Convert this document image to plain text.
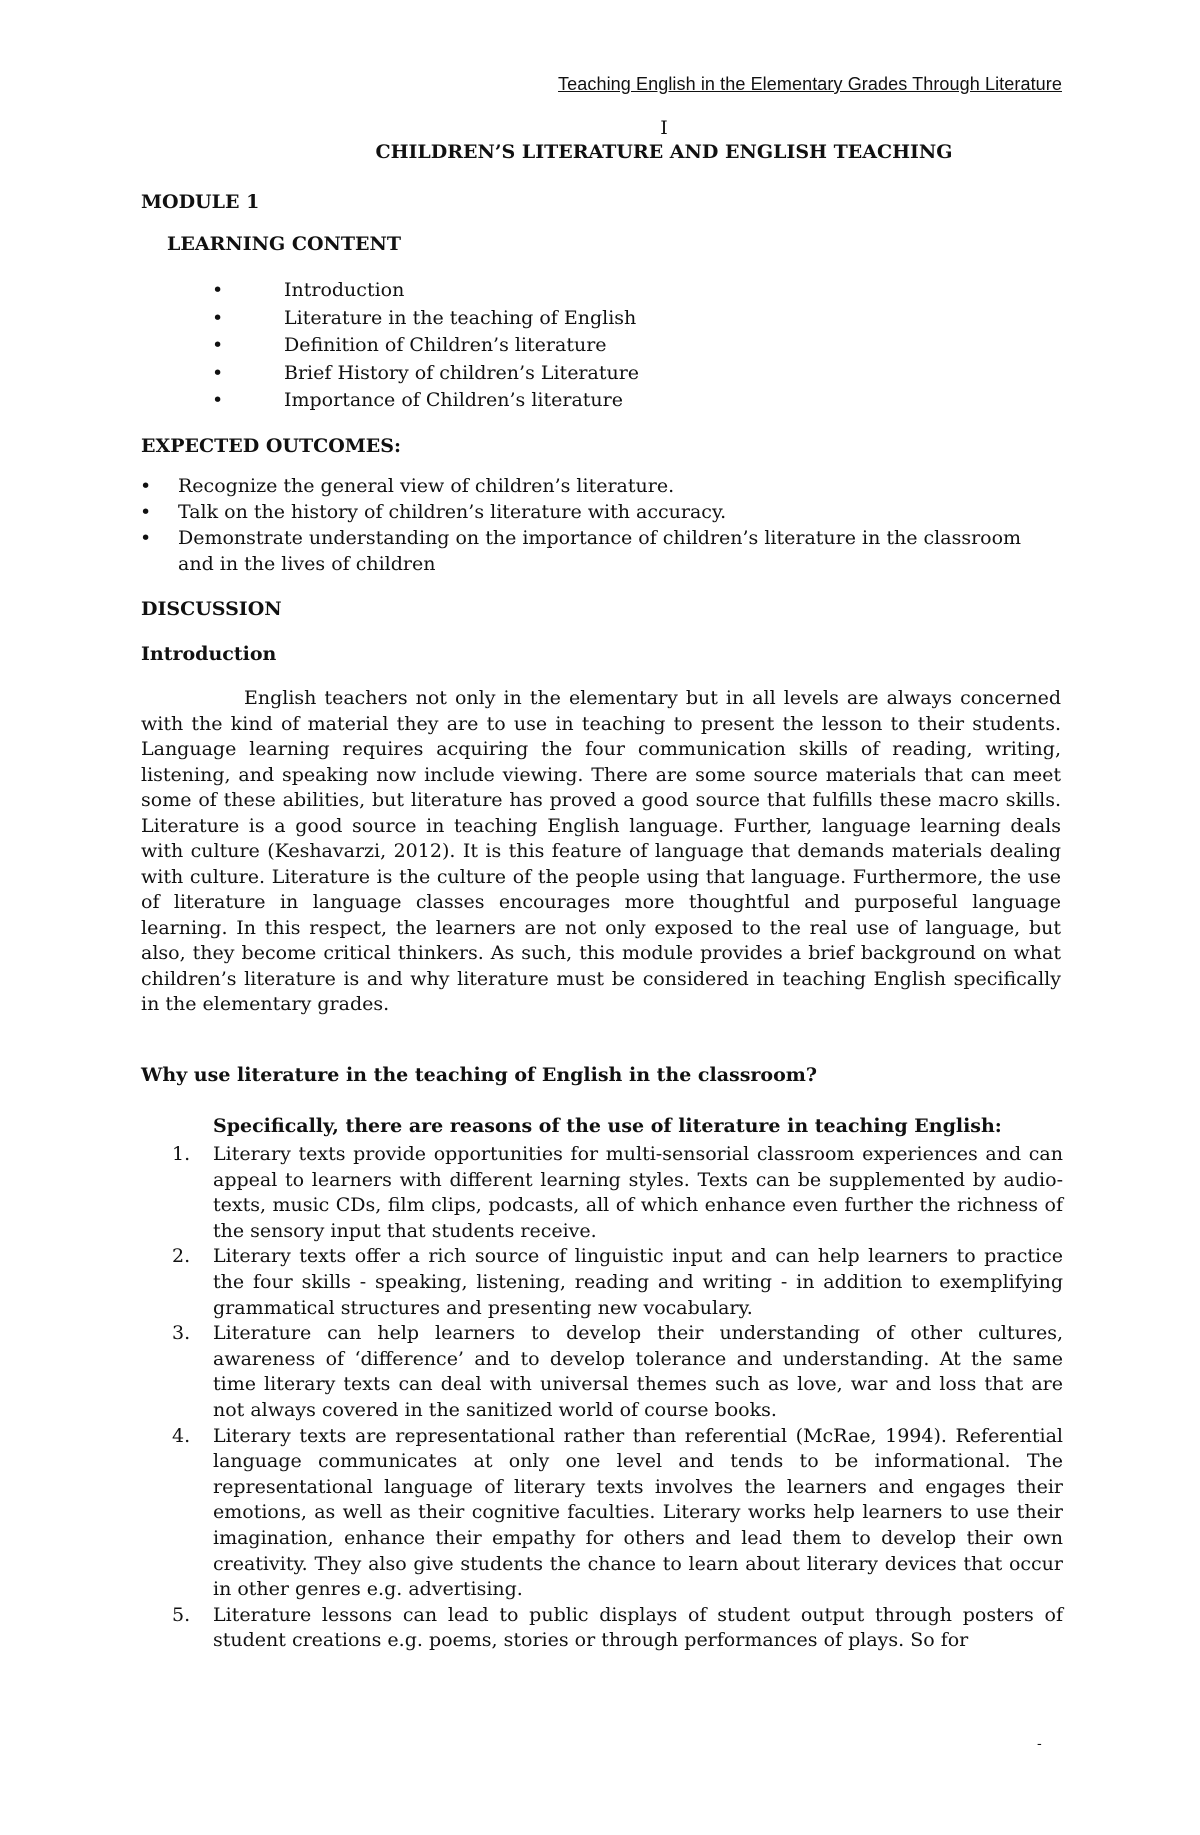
Teaching English in the Elementary Grades Through Literature
I
CHILDREN’S LITERATURE AND ENGLISH TEACHING
MODULE 1
LEARNING CONTENT
• Introduction
• Literature in the teaching of English
• Definition of Children’s literature
• Brief History of children’s Literature
• Importance of Children’s literature
EXPECTED OUTCOMES:
• Recognize the general view of children’s literature.
• Talk on the history of children’s literature with accuracy.
• Demonstrate understanding on the importance of children’s literature in the classroom and in the lives of children
DISCUSSION
Introduction

English teachers not only in the elementary but in all levels are always concerned with the kind of material they are to use in teaching to present the lesson to their students. Language learning requires acquiring the four communication skills of reading, writing, listening, and speaking now include viewing. There are some source materials that can meet some of these abilities, but literature has proved a good source that fulfills these macro skills. Literature is a good source in teaching English language. Further, language learning deals with culture (Keshavarzi, 2012). It is this feature of language that demands materials dealing with culture. Literature is the culture of the people using that language. Furthermore, the use of literature in language classes encourages more thoughtful and purposeful language learning. In this respect, the learners are not only exposed to the real use of language, but also, they become critical thinkers. As such, this module provides a brief background on what children’s literature is and why literature must be considered in teaching English specifically in the elementary grades.

Why use literature in the teaching of English in the classroom?
Specifically, there are reasons of the use of literature in teaching English:
1. Literary texts provide opportunities for multi-sensorial classroom experiences and can appeal to learners with different learning styles. Texts can be supplemented by audio-texts, music CDs, film clips, podcasts, all of which enhance even further the richness of the sensory input that students receive.
2. Literary texts offer a rich source of linguistic input and can help learners to practice the four skills - speaking, listening, reading and writing - in addition to exemplifying grammatical structures and presenting new vocabulary.
3. Literature can help learners to develop their understanding of other cultures, awareness of ‘difference’ and to develop tolerance and understanding. At the same time literary texts can deal with universal themes such as love, war and loss that are not always covered in the sanitized world of course books.
4. Literary texts are representational rather than referential (McRae, 1994). Referential language communicates at only one level and tends to be informational. The representational language of literary texts involves the learners and engages their emotions, as well as their cognitive faculties. Literary works help learners to use their imagination, enhance their empathy for others and lead them to develop their own creativity. They also give students the chance to learn about literary devices that occur in other genres e.g. advertising.
5. Literature lessons can lead to public displays of student output through posters of student creations e.g. poems, stories or through performances of plays. So for
-
